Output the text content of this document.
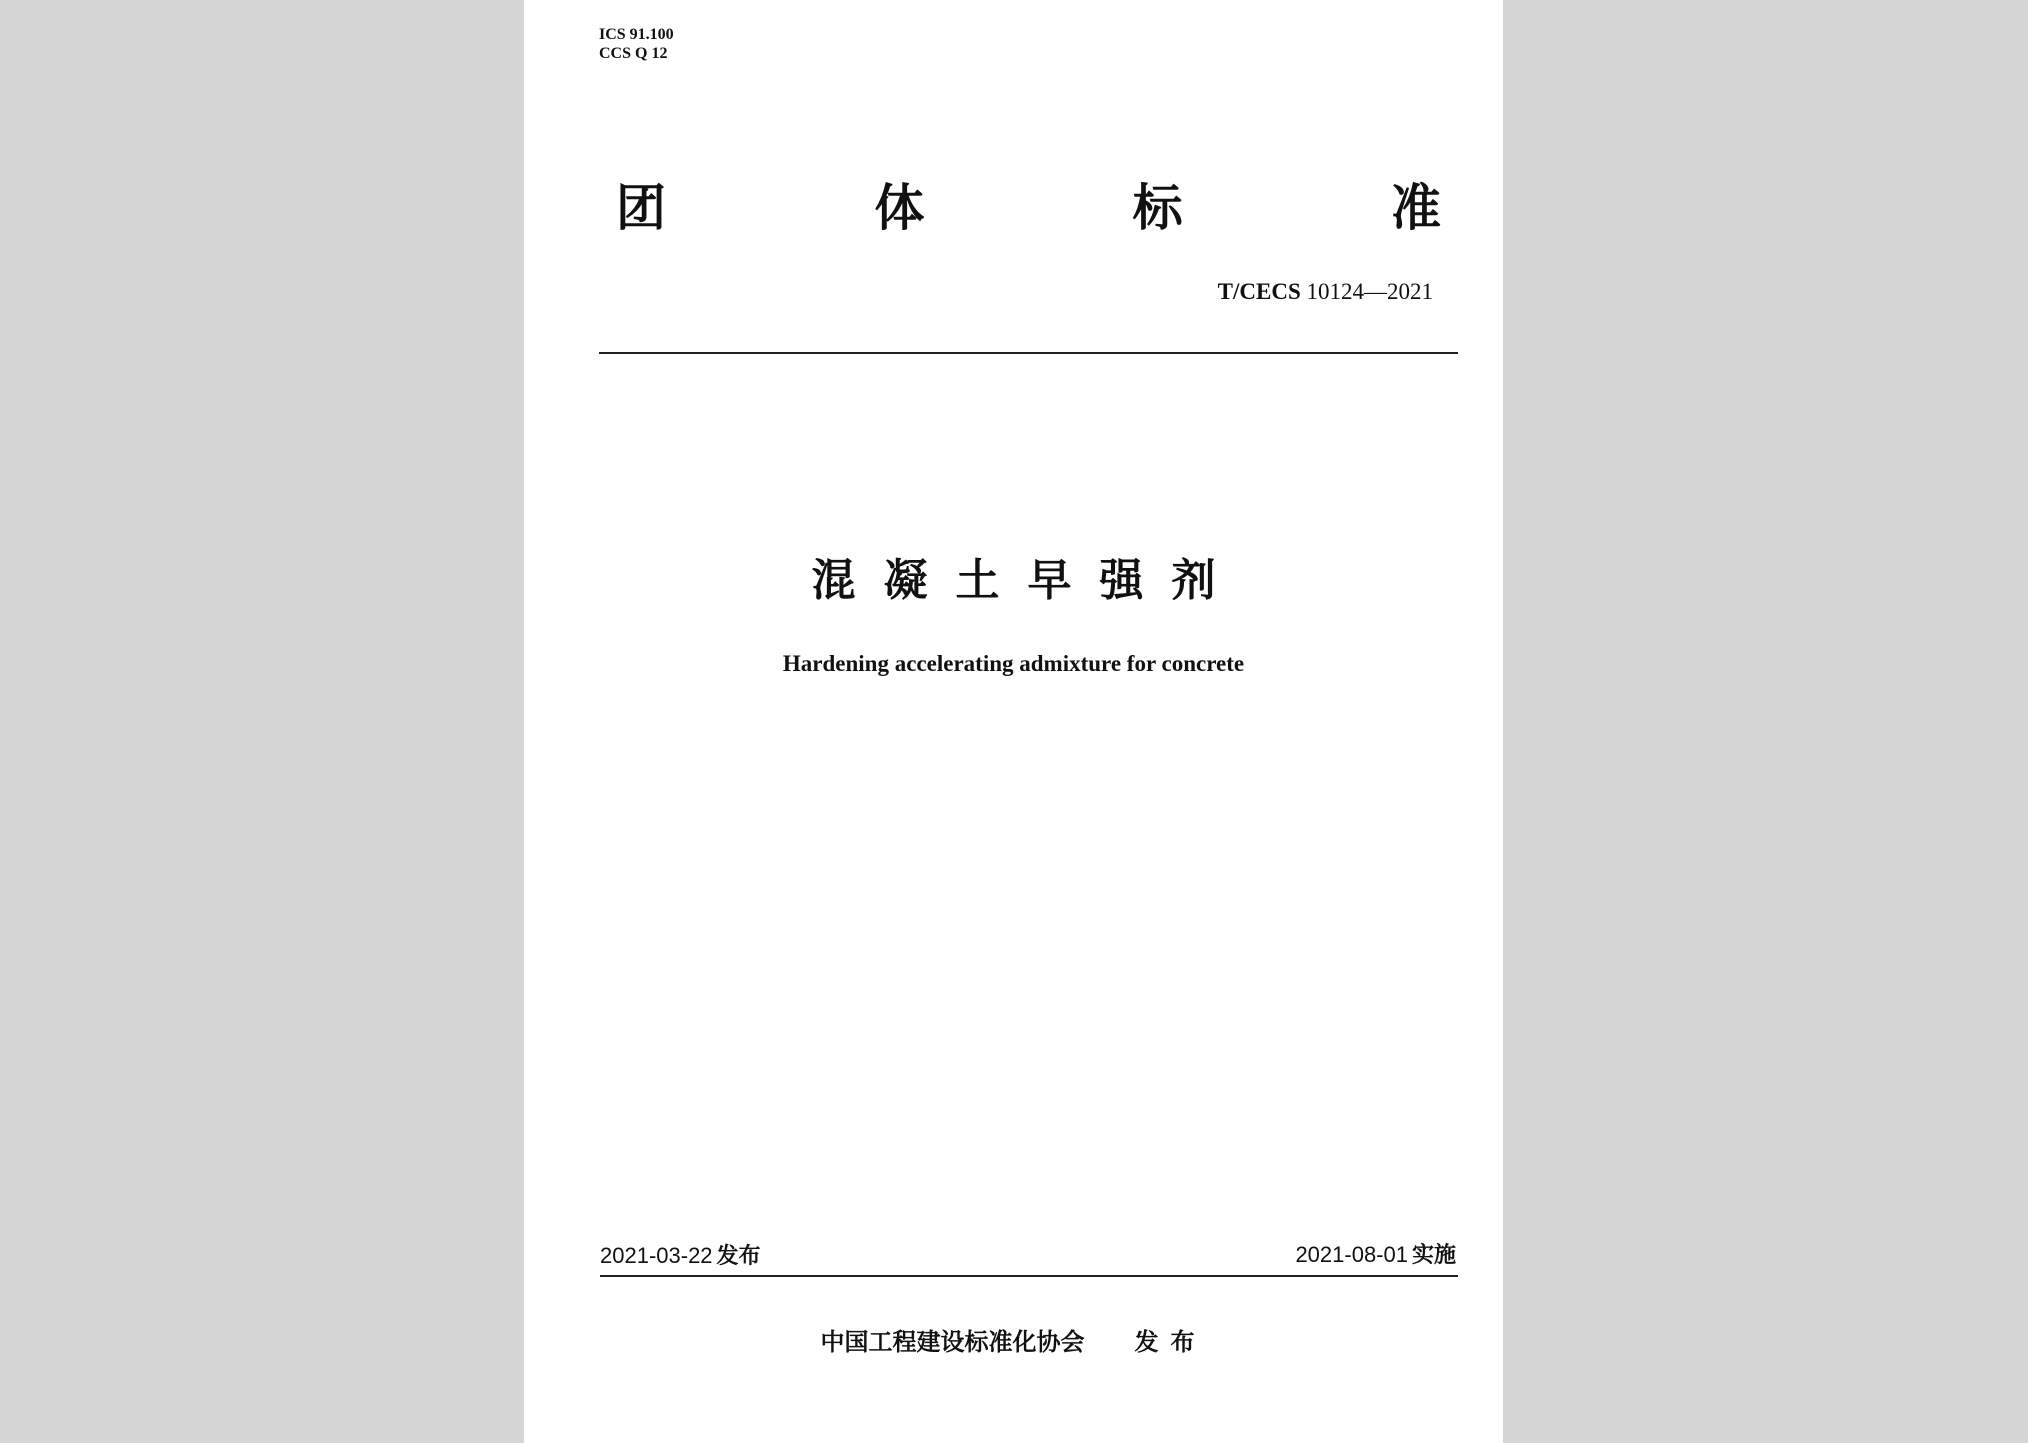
ICS 91.100
CCS Q 12
团	体	标	准
T/CECS 10124—2021
混凝土早强剂
Hardening accelerating admixture for concrete
2021-03-22 发布	2021-08-01 实施
中国工程建设标准化协会 发布
